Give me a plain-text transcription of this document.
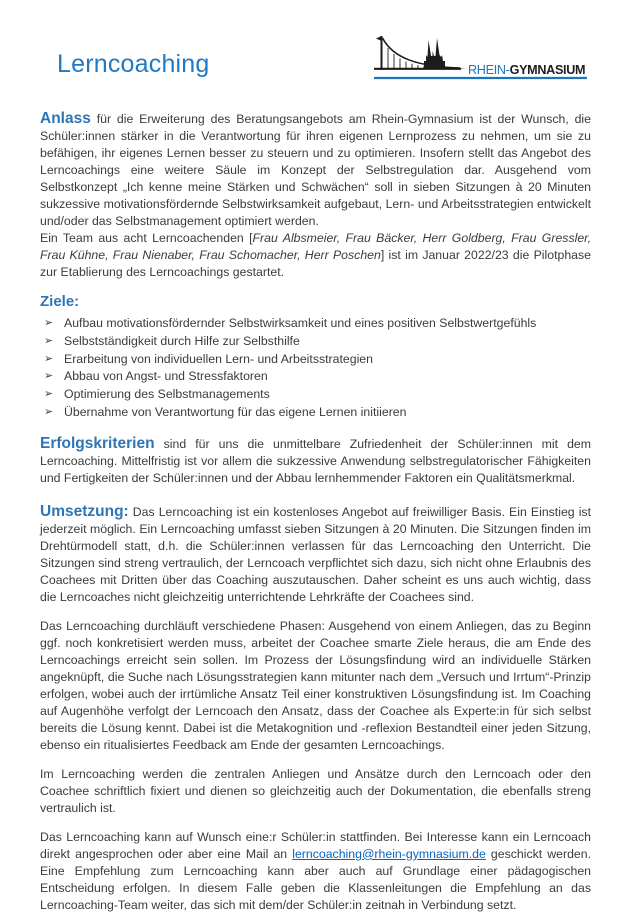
Lerncoaching	RHEIN-GYMNASIUM

Anlass für die Erweiterung des Beratungsangebots am Rhein-Gymnasium ist der Wunsch, die Schüler:innen stärker in die Verantwortung für ihren eigenen Lernprozess zu nehmen, um sie zu befähigen, ihr eigenes Lernen besser zu steuern und zu optimieren. Insofern stellt das Angebot des Lerncoachings eine weitere Säule im Konzept der Selbstregulation dar. Ausgehend vom Selbstkonzept „Ich kenne meine Stärken und Schwächen“ soll in sieben Sitzungen à 20 Minuten sukzessive motivationsfördernde Selbstwirksamkeit aufgebaut, Lern- und Arbeitsstrategien entwickelt und/oder das Selbstmanagement optimiert werden.

Ein Team aus acht Lerncoachenden [Frau Albsmeier, Frau Bäcker, Herr Goldberg, Frau Gressler, Frau Kühne, Frau Nienaber, Frau Schomacher, Herr Poschen] ist im Januar 2022/23 die Pilotphase zur Etablierung des Lerncoachings gestartet.

Ziele:
➢ Aufbau motivationsfördernder Selbstwirksamkeit und eines positiven Selbstwertgefühls
➢ Selbstständigkeit durch Hilfe zur Selbsthilfe
➢ Erarbeitung von individuellen Lern- und Arbeitsstrategien
➢ Abbau von Angst- und Stressfaktoren
➢ Optimierung des Selbstmanagements
➢ Übernahme von Verantwortung für das eigene Lernen initiieren

Erfolgskriterien sind für uns die unmittelbare Zufriedenheit der Schüler:innen mit dem Lerncoaching. Mittelfristig ist vor allem die sukzessive Anwendung selbstregulatorischer Fähigkeiten und Fertigkeiten der Schüler:innen und der Abbau lernhemmender Faktoren ein Qualitätsmerkmal.

Umsetzung: Das Lerncoaching ist ein kostenloses Angebot auf freiwilliger Basis. Ein Einstieg ist jederzeit möglich. Ein Lerncoaching umfasst sieben Sitzungen à 20 Minuten. Die Sitzungen finden im Drehtürmodell statt, d.h. die Schüler:innen verlassen für das Lerncoaching den Unterricht. Die Sitzungen sind streng vertraulich, der Lerncoach verpflichtet sich dazu, sich nicht ohne Erlaubnis des Coachees mit Dritten über das Coaching auszutauschen. Daher scheint es uns auch wichtig, dass die Lerncoaches nicht gleichzeitig unterrichtende Lehrkräfte der Coachees sind.

Das Lerncoaching durchläuft verschiedene Phasen: Ausgehend von einem Anliegen, das zu Beginn ggf. noch konkretisiert werden muss, arbeitet der Coachee smarte Ziele heraus, die am Ende des Lerncoachings erreicht sein sollen. Im Prozess der Lösungsfindung wird an individuelle Stärken angeknüpft, die Suche nach Lösungsstrategien kann mitunter nach dem „Versuch und Irrtum“-Prinzip erfolgen, wobei auch der irrtümliche Ansatz Teil einer konstruktiven Lösungsfindung ist. Im Coaching auf Augenhöhe verfolgt der Lerncoach den Ansatz, dass der Coachee als Experte:in für sich selbst bereits die Lösung kennt. Dabei ist die Metakognition und -reflexion Bestandteil einer jeden Sitzung, ebenso ein ritualisiertes Feedback am Ende der gesamten Lerncoachings.

Im Lerncoaching werden die zentralen Anliegen und Ansätze durch den Lerncoach oder den Coachee schriftlich fixiert und dienen so gleichzeitig auch der Dokumentation, die ebenfalls streng vertraulich ist.

Das Lerncoaching kann auf Wunsch eine:r Schüler:in stattfinden. Bei Interesse kann ein Lerncoach direkt angesprochen oder aber eine Mail an lerncoaching@rhein-gymnasium.de geschickt werden. Eine Empfehlung zum Lerncoaching kann aber auch auf Grundlage einer pädagogischen Entscheidung erfolgen. In diesem Falle geben die Klassenleitungen die Empfehlung an das Lerncoaching-Team weiter, das sich mit dem/der Schüler:in zeitnah in Verbindung setzt.
